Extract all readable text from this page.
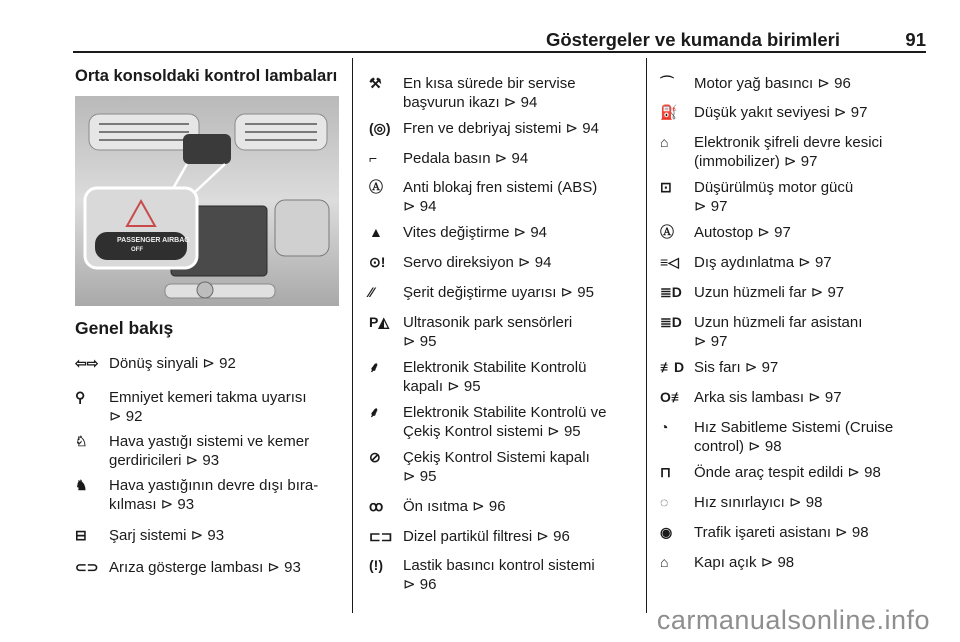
Göstergeler ve kumanda birimleri	91
Orta konsoldaki kontrol lambaları
PASSENGER AIRBAG
OFF
Genel bakış
⇦⇨ Dönüş sinyali ⊳ 92
⚲	Emniyet kemeri takma uyarısı
⊳ 92
♘	Hava yastığı sistemi ve kemer
gerdiricileri ⊳ 93
♞	Hava yastığının devre dışı bıra-
kılması ⊳ 93
⊟	Şarj sistemi ⊳ 93
⊂⊃ Arıza gösterge lambası ⊳ 93
⚒	En kısa sürede bir servise
başvurun ikazı ⊳ 94
(◎) Fren ve debriyaj sistemi ⊳ 94
⌐	Pedala basın ⊳ 94
Ⓐ	Anti blokaj fren sistemi (ABS)
⊳ 94
▲	Vites değiştirme ⊳ 94
⊙!	Servo direksiyon ⊳ 94
⁄⁄	Şerit değiştirme uyarısı ⊳ 95
P◭ Ultrasonik park sensörleri
⊳ 95
⸙	Elektronik Stabilite Kontrolü
kapalı ⊳ 95
⸙	Elektronik Stabilite Kontrolü ve
Çekiş Kontrol sistemi ⊳ 95
⊘	Çekiş Kontrol Sistemi kapalı
⊳ 95
ꝏ	Ön ısıtma ⊳ 96
⊏⊐ Dizel partikül filtresi ⊳ 96
(!)	Lastik basıncı kontrol sistemi
⊳ 96
⌒	Motor yağ basıncı ⊳ 96
⛽	Düşük yakıt seviyesi ⊳ 97
⌂	Elektronik şifreli devre kesici
(immobilizer) ⊳ 97
⊡	Düşürülmüş motor gücü
⊳ 97
Ⓐ	Autostop ⊳ 97
≡◁	Dış aydınlatma ⊳ 97
≣D Uzun hüzmeli far ⊳ 97
≣D Uzun hüzmeli far asistanı
⊳ 97
≢D Sis farı ⊳ 97
O≢ Arka sis lambası ⊳ 97
◔	Hız Sabitleme Sistemi (Cruise
control) ⊳ 98
⊓	Önde araç tespit edildi ⊳ 98
◌	Hız sınırlayıcı ⊳ 98
◉	Trafik işareti asistanı ⊳ 98
⌂	Kapı açık ⊳ 98
carmanualsonline.info
